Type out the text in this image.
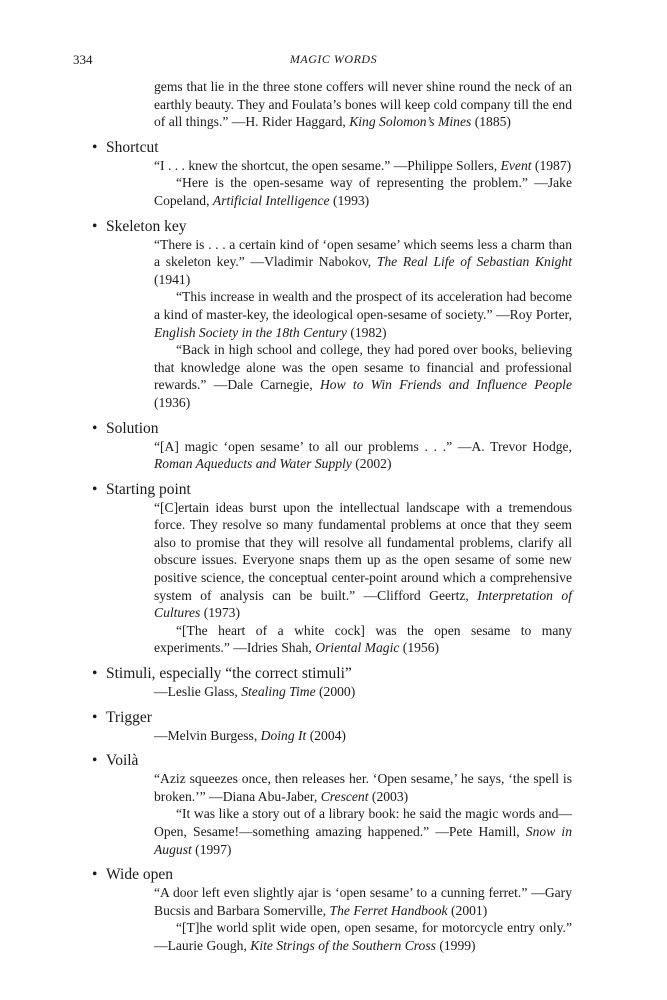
334	MAGIC WORDS

gems that lie in the three stone coffers will never shine round the neck of an earthly beauty. They and Foulata’s bones will keep cold company till the end of all things.” —H. Rider Haggard, King Solomon’s Mines (1885)

• Shortcut

“I . . . knew the shortcut, the open sesame.” —Philippe Sollers, Event (1987)

“Here is the open-sesame way of representing the problem.” —Jake Copeland, Artificial Intelligence (1993)

• Skeleton key

“There is . . . a certain kind of ‘open sesame’ which seems less a charm than a skeleton key.” —Vladimir Nabokov, The Real Life of Sebastian Knight (1941)

“This increase in wealth and the prospect of its acceleration had become a kind of master-key, the ideological open-sesame of society.” —Roy Porter, English Society in the 18th Century (1982)

“Back in high school and college, they had pored over books, believing that knowledge alone was the open sesame to financial and professional rewards.” —Dale Carnegie, How to Win Friends and Influence People (1936)

• Solution

“[A] magic ‘open sesame’ to all our problems . . .” —A. Trevor Hodge, Roman Aqueducts and Water Supply (2002)

• Starting point

“[C]ertain ideas burst upon the intellectual landscape with a tremendous force. They resolve so many fundamental problems at once that they seem also to promise that they will resolve all fundamental problems, clarify all obscure issues. Everyone snaps them up as the open sesame of some new positive science, the conceptual center-point around which a comprehensive system of analysis can be built.” —Clifford Geertz, Interpretation of Cultures (1973)

“[The heart of a white cock] was the open sesame to many experiments.” —Idries Shah, Oriental Magic (1956)

• Stimuli, especially “the correct stimuli”

—Leslie Glass, Stealing Time (2000)

• Trigger

—Melvin Burgess, Doing It (2004)

• Voilà

“Aziz squeezes once, then releases her. ‘Open sesame,’ he says, ‘the spell is broken.’” —Diana Abu-Jaber, Crescent (2003)

“It was like a story out of a library book: he said the magic words and—Open, Sesame!—something amazing happened.” —Pete Hamill, Snow in August (1997)

• Wide open

“A door left even slightly ajar is ‘open sesame’ to a cunning ferret.” —Gary Bucsis and Barbara Somerville, The Ferret Handbook (2001)

“[T]he world split wide open, open sesame, for motorcycle entry only.” —Laurie Gough, Kite Strings of the Southern Cross (1999)
